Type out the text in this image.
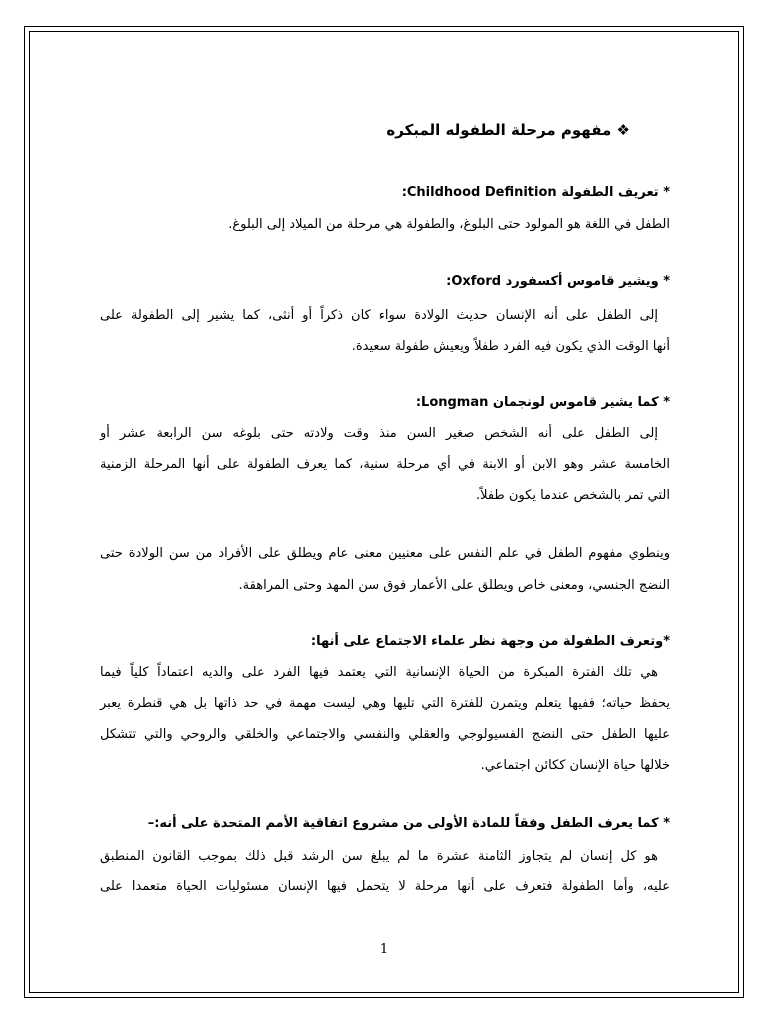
❖ مفهوم مرحلة الطفوله المبكره
* تعريف الطفولة Childhood Definition:
الطفل في اللغة هو المولود حتى البلوغ، والطفولة هي مرحلة من الميلاد إلى البلوغ.
* ويشير قاموس أكسفورد Oxford:
إلى الطفل على أنه الإنسان حديث الولادة سواء كان ذكراً أو أنثى، كما يشير إلى الطفولة على
أنها الوقت الذي يكون فيه الفرد طفلاً ويعيش طفولة سعيدة.
* كما يشير قاموس لونجمان Longman:
إلى الطفل على أنه الشخص صغير السن منذ وقت ولادته حتى بلوغه سن الرابعة عشر أو
الخامسة عشر وهو الابن أو الابنة في أي مرحلة سنية، كما يعرف الطفولة على أنها المرحلة الزمنية
التي تمر بالشخص عندما يكون طفلاً.
وينطوي مفهوم الطفل في علم النفس على معنيين معنى عام ويطلق على الأفراد من سن الولادة حتى
النضج الجنسي، ومعنى خاص ويطلق على الأعمار فوق سن المهد وحتى المراهقة.
*وتعرف الطفولة من وجهة نظر علماء الاجتماع على أنها:
هي تلك الفترة المبكرة من الحياة الإنسانية التي يعتمد فيها الفرد على والديه اعتماداً كلياً فيما
يحفظ حياته؛ ففيها يتعلم ويتمرن للفترة التي تليها وهي ليست مهمة في حد ذاتها بل هي قنطرة يعبر
عليها الطفل حتى النضج الفسيولوجي والعقلي والنفسي والاجتماعي والخلقي والروحي والتي تتشكل
خلالها حياة الإنسان ككائن اجتماعي.
* كما يعرف الطفل وفقاً للمادة الأولى من مشروع اتفاقية الأمم المتحدة على أنه:–
هو كل إنسان لم يتجاوز الثامنة عشرة ما لم يبلغ سن الرشد قبل ذلك بموجب القانون المنطبق
عليه، وأما الطفولة فتعرف على أنها مرحلة لا يتحمل فيها الإنسان مسئوليات الحياة متعمدا على
1
